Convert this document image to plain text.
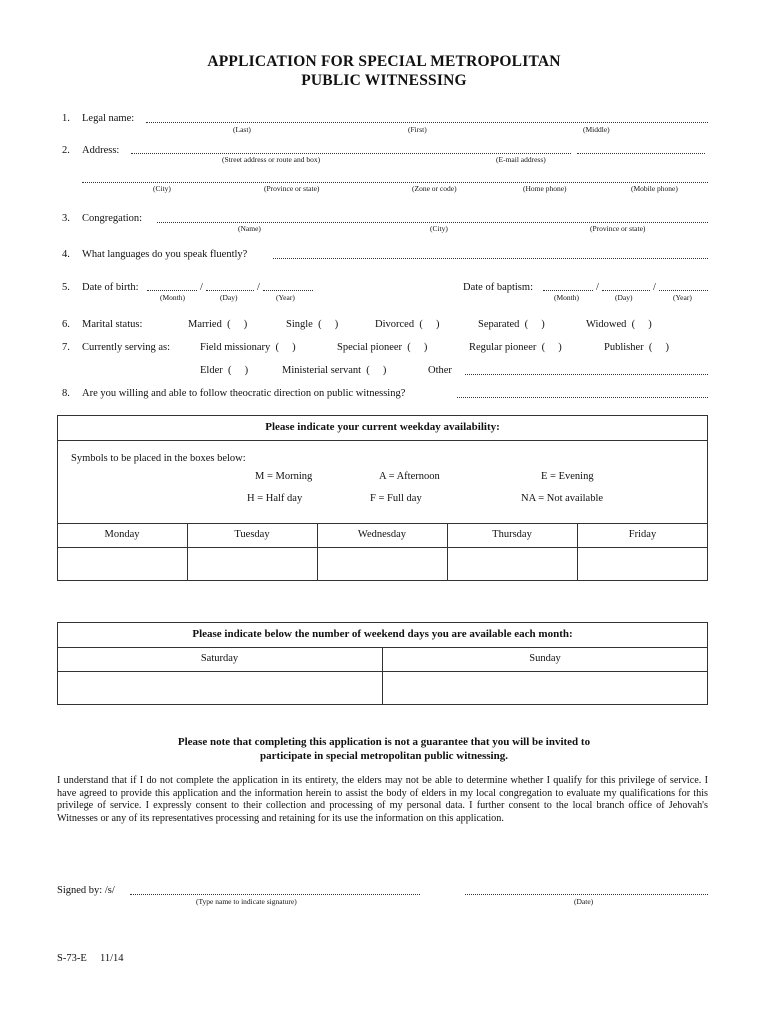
APPLICATION FOR SPECIAL METROPOLITAN
PUBLIC WITNESSING
1. Legal name:
(Last)	(First)	(Middle)
2. Address:
(Street address or route and box)	(E-mail address)
(City)	(Province or state)	(Zone or code)	(Home phone)	(Mobile phone)
3. Congregation:
(Name)	(City)	(Province or state)
4. What languages do you speak fluently?
5. Date of birth:	/	/
(Month)	(Day)	(Year)
Date of baptism:	/	/
(Month)	(Day)	(Year)
6. Marital status:	Married  (     )	Single  (     )	Divorced  (     )	Separated  (     )	Widowed  (     )
7. Currently serving as:	Field missionary  (     )	Special pioneer  (     )	Regular pioneer  (     )	Publisher  (     )
Elder  (     )	Ministerial servant  (     )	Other
8. Are you willing and able to follow theocratic direction on public witnessing?
Please indicate your current weekday availability:
Symbols to be placed in the boxes below:
M = Morning	A = Afternoon	E = Evening
H = Half day	F = Full day	NA = Not available
Monday	Tuesday	Wednesday	Thursday	Friday
Please indicate below the number of weekend days you are available each month:
Saturday	Sunday
Please note that completing this application is not a guarantee that you will be invited to
participate in special metropolitan public witnessing.
I understand that if I do not complete the application in its entirety, the elders may not be able to determine whether I qualify for this privilege of service. I have agreed to provide this application and the information herein to assist the body of elders in my local congregation to evaluate my qualifications for this privilege of service. I expressly consent to their collection and processing of my personal data. I further consent to the local branch office of Jehovah's Witnesses or any of its representatives processing and retaining for its use the information on this application.
Signed by: /s/
(Type name to indicate signature)	(Date)
S-73-E 11/14
